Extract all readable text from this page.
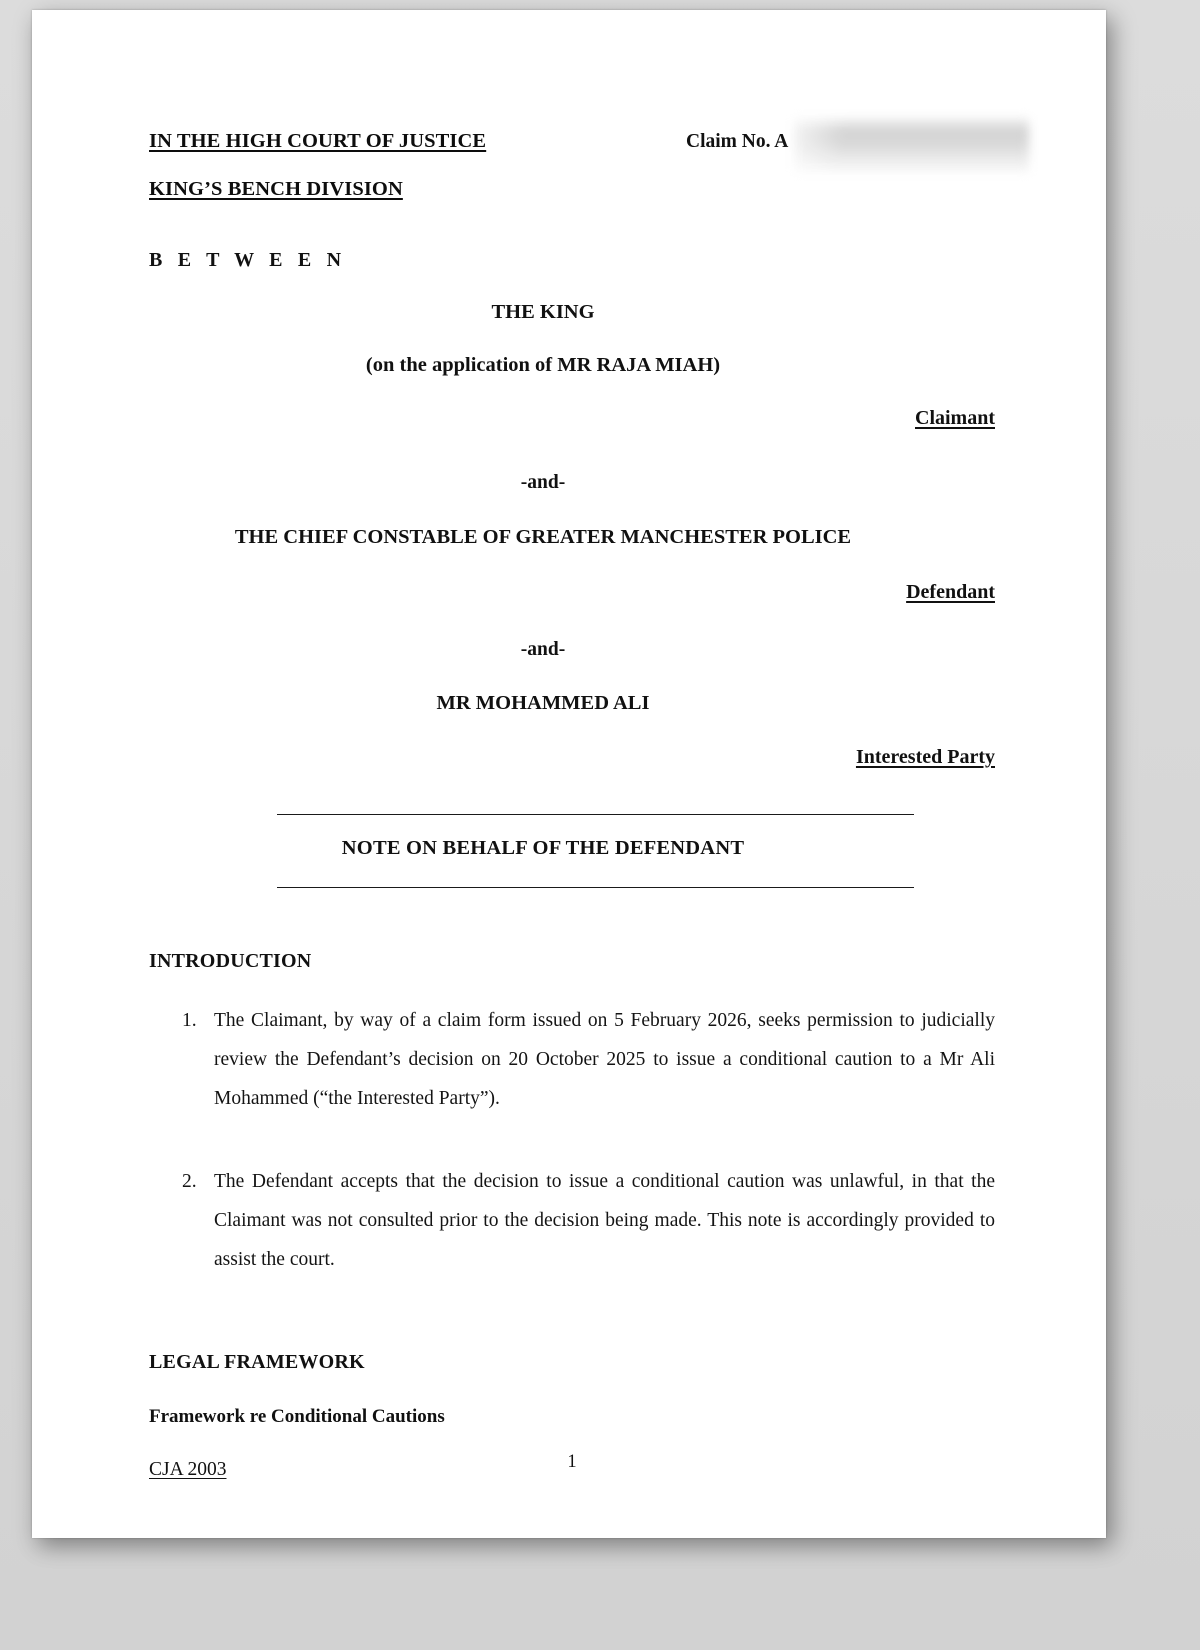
IN THE HIGH COURT OF JUSTICE
KING’S BENCH DIVISION
Claim No. A
B E T W E E N
THE KING
(on the application of MR RAJA MIAH)
Claimant
-and-
THE CHIEF CONSTABLE OF GREATER MANCHESTER POLICE
Defendant
-and-
MR MOHAMMED ALI
Interested Party
NOTE ON BEHALF OF THE DEFENDANT
INTRODUCTION
1. The Claimant, by way of a claim form issued on 5 February 2026, seeks permission to judicially review the Defendant’s decision on 20 October 2025 to issue a conditional caution to a Mr Ali Mohammed (“the Interested Party”).
2. The Defendant accepts that the decision to issue a conditional caution was unlawful, in that the Claimant was not consulted prior to the decision being made. This note is accordingly provided to assist the court.
LEGAL FRAMEWORK
Framework re Conditional Cautions
CJA 2003	1
